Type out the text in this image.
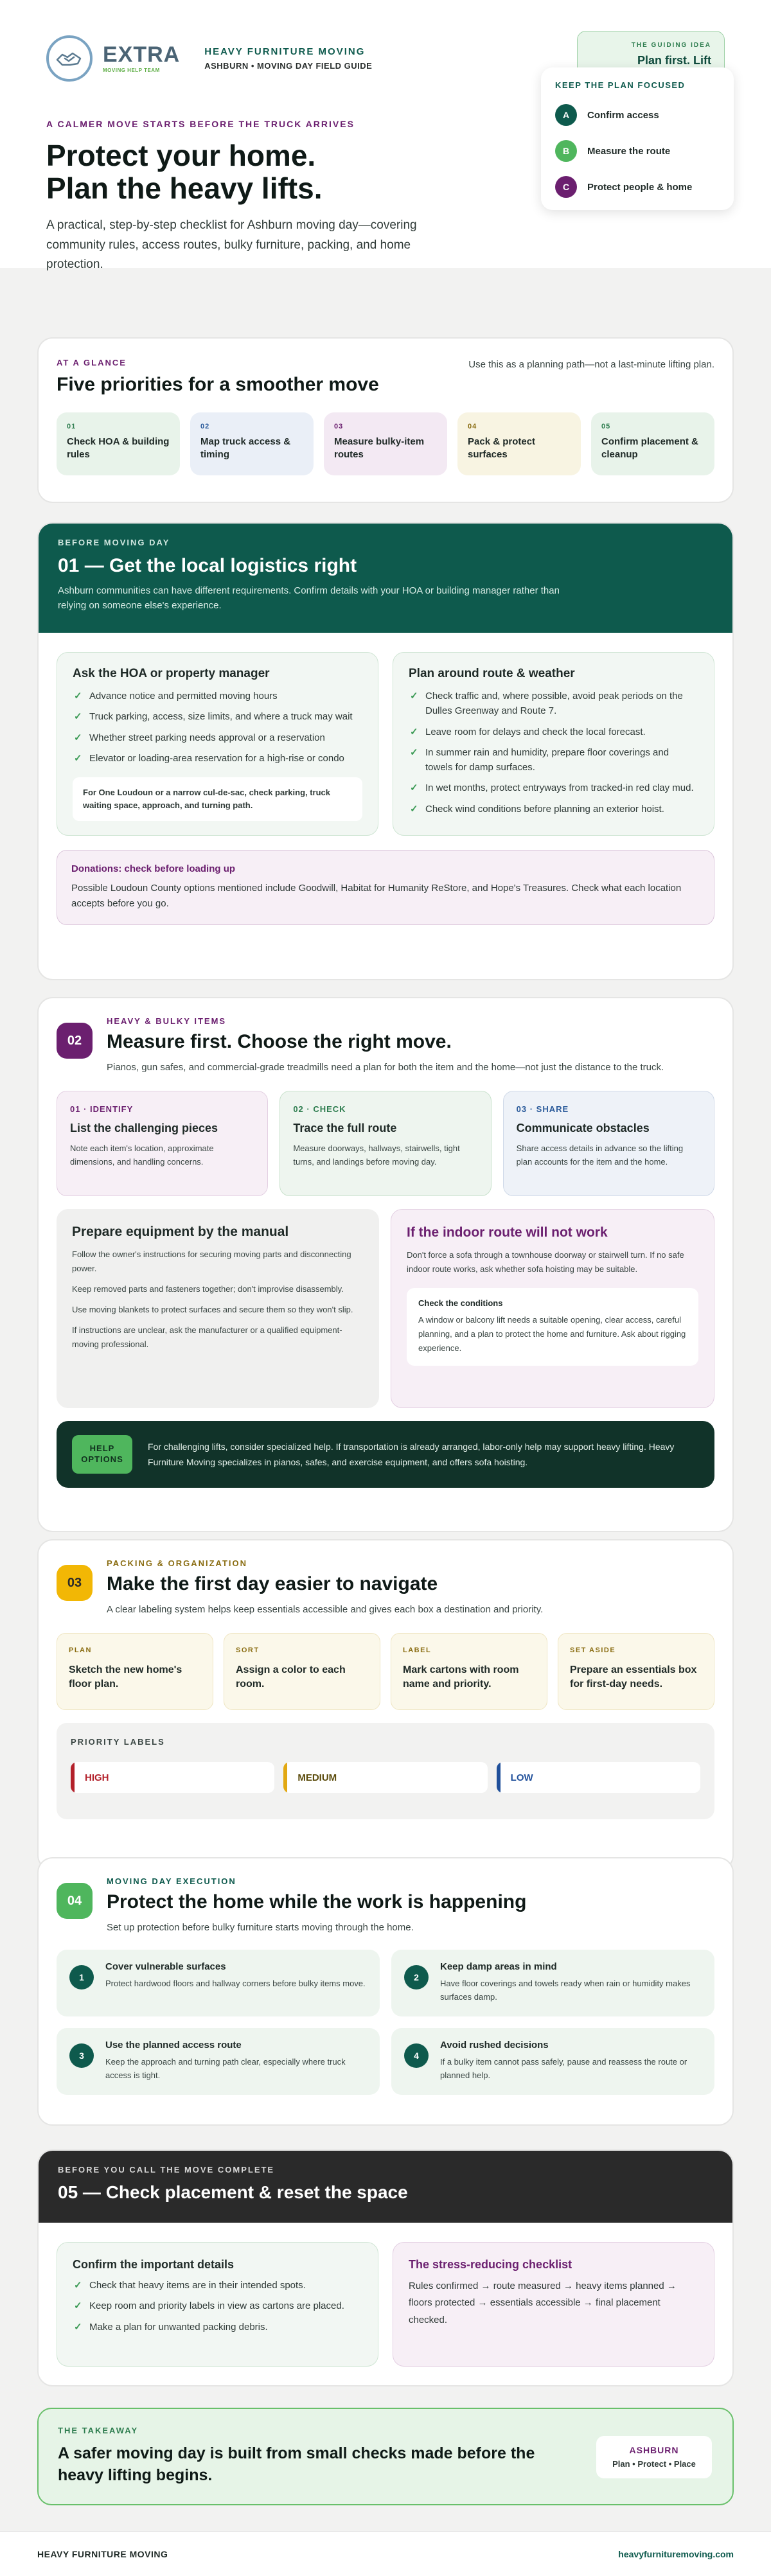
EXTRA
MOVING HELP TEAM
HEAVY FURNITURE MOVING
ASHBURN • MOVING DAY FIELD GUIDE
THE GUIDING IDEA
Plan first. Lift
A CALMER MOVE STARTS BEFORE THE TRUCK ARRIVES
Protect your home.
Plan the heavy lifts.

A practical, step-by-step checklist for Ashburn moving day—covering community rules, access routes, bulky furniture, packing, and home protection.

KEEP THE PLAN FOCUSED
A	Confirm access
B	Measure the route
C	Protect people & home
AT A GLANCE
Five priorities for a smoother move
Use this as a planning path—not a last-minute lifting plan.
01
Check HOA & building rules
02
Map truck access & timing
03
Measure bulky-item routes
04
Pack & protect surfaces
05
Confirm placement & cleanup
BEFORE MOVING DAY
01 — Get the local logistics right

Ashburn communities can have different requirements. Confirm details with your HOA or building manager rather than relying on someone else's experience.

Ask the HOA or property manager
✓ Advance notice and permitted moving hours
✓ Truck parking, access, size limits, and where a truck may wait
✓ Whether street parking needs approval or a reservation
✓ Elevator or loading-area reservation for a high-rise or condo
For One Loudoun or a narrow cul-de-sac, check parking, truck waiting space, approach, and turning path.
Plan around route & weather
✓ Check traffic and, where possible, avoid peak periods on the Dulles Greenway and Route 7.
✓ Leave room for delays and check the local forecast.
✓ In summer rain and humidity, prepare floor coverings and towels for damp surfaces.
✓ In wet months, protect entryways from tracked-in red clay mud.
✓ Check wind conditions before planning an exterior hoist.
Donations: check before loading up

Possible Loudoun County options mentioned include Goodwill, Habitat for Humanity ReStore, and Hope's Treasures. Check what each location accepts before you go.

02
HEAVY & BULKY ITEMS
Measure first. Choose the right move.

Pianos, gun safes, and commercial-grade treadmills need a plan for both the item and the home—not just the distance to the truck.

01 · IDENTIFY
List the challenging pieces

Note each item's location, approximate dimensions, and handling concerns.

02 · CHECK
Trace the full route

Measure doorways, hallways, stairwells, tight turns, and landings before moving day.

03 · SHARE
Communicate obstacles

Share access details in advance so the lifting plan accounts for the item and the home.

Prepare equipment by the manual
Follow the owner's instructions for securing moving parts and disconnecting power.
Keep removed parts and fasteners together; don't improvise disassembly.
Use moving blankets to protect surfaces and secure them so they won't slip.
If instructions are unclear, ask the manufacturer or a qualified equipment-moving professional.
If the indoor route will not work
Don't force a sofa through a townhouse doorway or stairwell turn. If no safe indoor route works, ask whether sofa hoisting may be suitable.
Check the conditions

A window or balcony lift needs a suitable opening, clear access, careful planning, and a plan to protect the home and furniture. Ask about rigging experience.

HELP OPTIONS

For challenging lifts, consider specialized help. If transportation is already arranged, labor-only help may support heavy lifting. Heavy Furniture Moving specializes in pianos, safes, and exercise equipment, and offers sofa hoisting.

03
PACKING & ORGANIZATION
Make the first day easier to navigate

A clear labeling system helps keep essentials accessible and gives each box a destination and priority.

PLAN
Sketch the new home's floor plan.
SORT
Assign a color to each room.
LABEL
Mark cartons with room name and priority.
SET ASIDE
Prepare an essentials box for first-day needs.
PRIORITY LABELS
HIGH	MEDIUM	LOW
04
MOVING DAY EXECUTION
Protect the home while the work is happening

Set up protection before bulky furniture starts moving through the home.

1
Cover vulnerable surfaces

Protect hardwood floors and hallway corners before bulky items move.

2
Keep damp areas in mind

Have floor coverings and towels ready when rain or humidity makes surfaces damp.

3
Use the planned access route

Keep the approach and turning path clear, especially where truck access is tight.

4
Avoid rushed decisions

If a bulky item cannot pass safely, pause and reassess the route or planned help.

BEFORE YOU CALL THE MOVE COMPLETE
05 — Check placement & reset the space
Confirm the important details
✓ Check that heavy items are in their intended spots.
✓ Keep room and priority labels in view as cartons are placed.
✓ Make a plan for unwanted packing debris.
The stress-reducing checklist

Rules confirmed → route measured → heavy items planned → floors protected → essentials accessible → final placement checked.

THE TAKEAWAY
A safer moving day is built from small checks made before the heavy lifting begins.
ASHBURN
Plan • Protect • Place
HEAVY FURNITURE MOVING	heavyfurnituremoving.com
